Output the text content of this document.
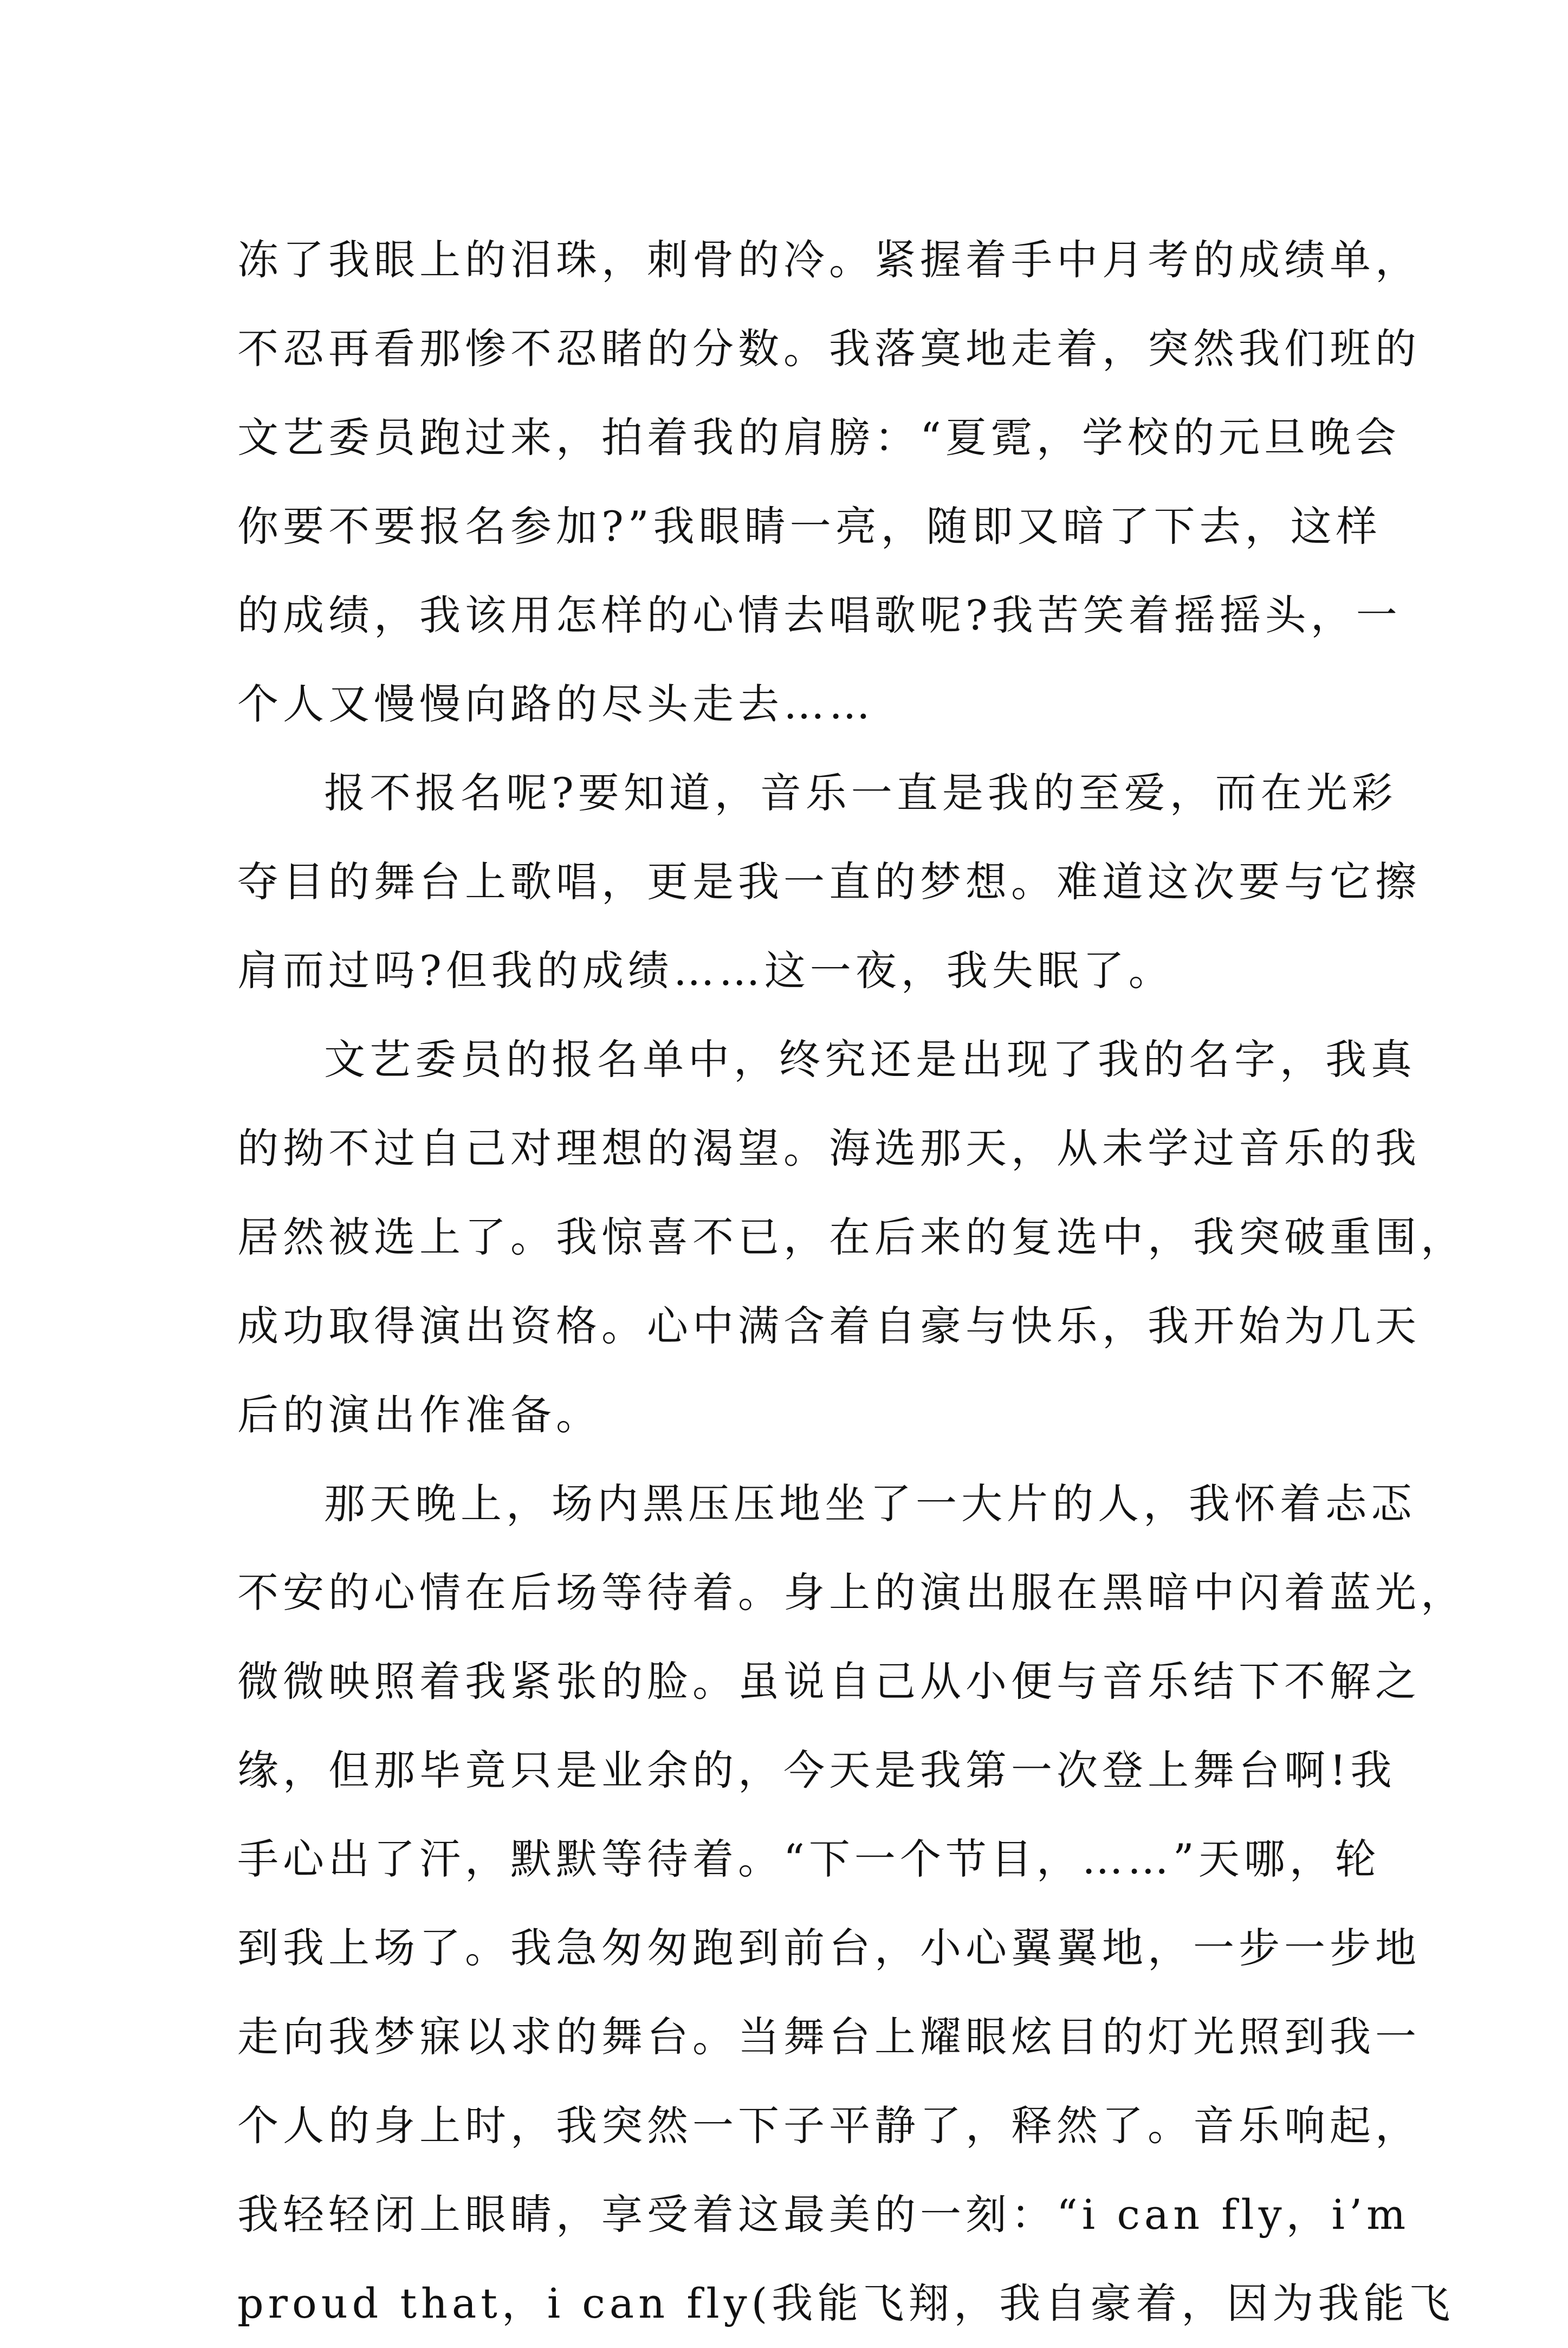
冻了我眼上的泪珠，刺骨的冷。紧握着手中月考的成绩单，
不忍再看那惨不忍睹的分数。我落寞地走着，突然我们班的
文艺委员跑过来，拍着我的肩膀：“夏霓，学校的元旦晚会
你要不要报名参加?”我眼睛一亮，随即又暗了下去，这样
的成绩，我该用怎样的心情去唱歌呢?我苦笑着摇摇头，一
个人又慢慢向路的尽头走去……
报不报名呢?要知道，音乐一直是我的至爱，而在光彩
夺目的舞台上歌唱，更是我一直的梦想。难道这次要与它擦
肩而过吗?但我的成绩……这一夜，我失眠了。
文艺委员的报名单中，终究还是出现了我的名字，我真
的拗不过自己对理想的渴望。海选那天，从未学过音乐的我
居然被选上了。我惊喜不已，在后来的复选中，我突破重围，
成功取得演出资格。心中满含着自豪与快乐，我开始为几天
后的演出作准备。
那天晚上，场内黑压压地坐了一大片的人，我怀着忐忑
不安的心情在后场等待着。身上的演出服在黑暗中闪着蓝光，
微微映照着我紧张的脸。虽说自己从小便与音乐结下不解之
缘，但那毕竟只是业余的，今天是我第一次登上舞台啊!我
手心出了汗，默默等待着。“下一个节目，……”天哪，轮
到我上场了。我急匆匆跑到前台，小心翼翼地，一步一步地
走向我梦寐以求的舞台。当舞台上耀眼炫目的灯光照到我一
个人的身上时，我突然一下子平静了，释然了。音乐响起，
我轻轻闭上眼睛，享受着这最美的一刻：“i can fly，i’m
proud that，i can fly(我能飞翔，我自豪着，因为我能飞
